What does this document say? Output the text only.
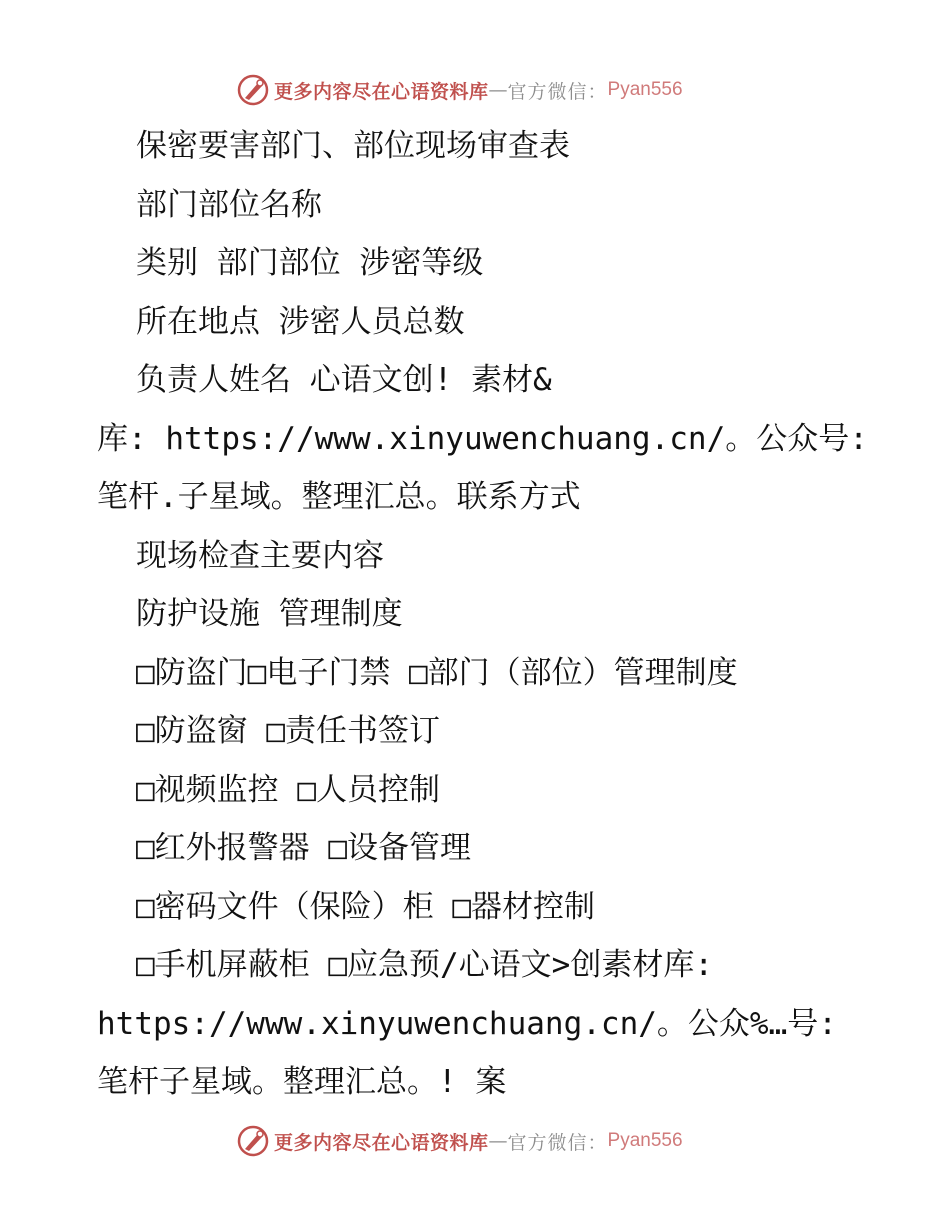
更多内容尽在心语资料库 — 官方微信： Pyan556
保密要害部门、部位现场审查表
部门部位名称
类别 部门部位 涉密等级
所在地点 涉密人员总数
负责人姓名 心语文创! 素材&
库: https://www.xinyuwenchuang.cn/。公众号:
笔杆.子星域。整理汇总。联系方式
现场检查主要内容
防护设施 管理制度
□防盗门□电子门禁 □部门（部位）管理制度
□防盗窗 □责任书签订
□视频监控 □人员控制
□红外报警器 □设备管理
□密码文件（保险）柜 □器材控制
□手机屏蔽柜 □应急预/心语文>创素材库:
https://www.xinyuwenchuang.cn/。公众%…号:
笔杆子星域。整理汇总。! 案
更多内容尽在心语资料库 — 官方微信： Pyan556
